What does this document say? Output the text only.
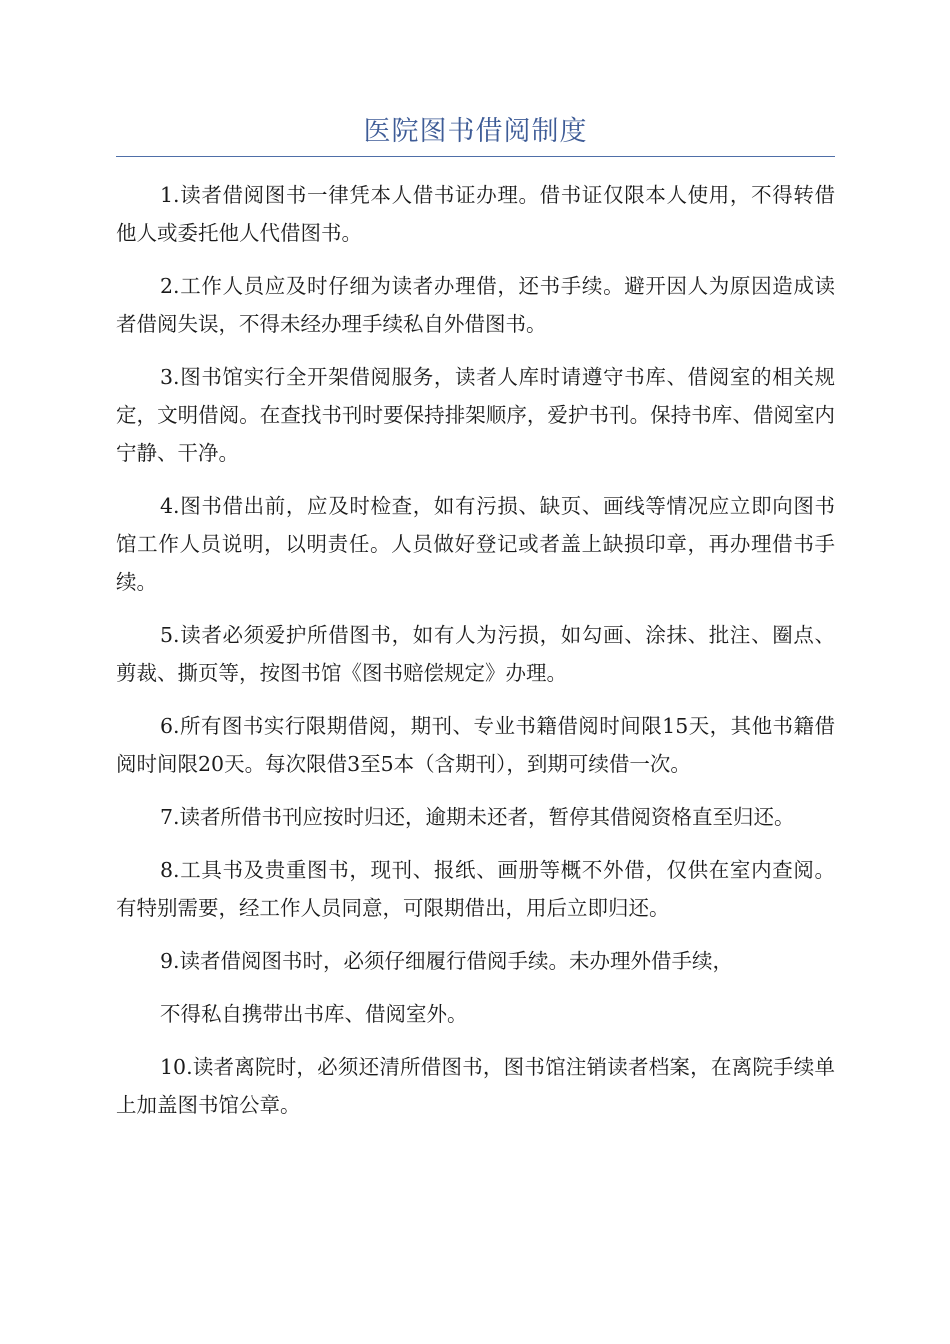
医院图书借阅制度

1.读者借阅图书一律凭本人借书证办理。借书证仅限本人使用，不得转借他人或委托他人代借图书。

2.工作人员应及时仔细为读者办理借，还书手续。避开因人为原因造成读者借阅失误，不得未经办理手续私自外借图书。

3.图书馆实行全开架借阅服务，读者人库时请遵守书库、借阅室的相关规定，文明借阅。在查找书刊时要保持排架顺序，爱护书刊。保持书库、借阅室内宁静、干净。

4.图书借出前，应及时检查，如有污损、缺页、画线等情况应立即向图书馆工作人员说明，以明责任。人员做好登记或者盖上缺损印章，再办理借书手续。

5.读者必须爱护所借图书，如有人为污损，如勾画、涂抹、批注、圈点、剪裁、撕页等，按图书馆《图书赔偿规定》办理。

6.所有图书实行限期借阅，期刊、专业书籍借阅时间限15天，其他书籍借阅时间限20天。每次限借3至5本（含期刊），到期可续借一次。

7.读者所借书刊应按时归还，逾期未还者，暂停其借阅资格直至归还。

8.工具书及贵重图书，现刊、报纸、画册等概不外借，仅供在室内查阅。有特别需要，经工作人员同意，可限期借出，用后立即归还。

9.读者借阅图书时，必须仔细履行借阅手续。未办理外借手续，

不得私自携带出书库、借阅室外。

10.读者离院时，必须还清所借图书，图书馆注销读者档案，在离院手续单上加盖图书馆公章。
